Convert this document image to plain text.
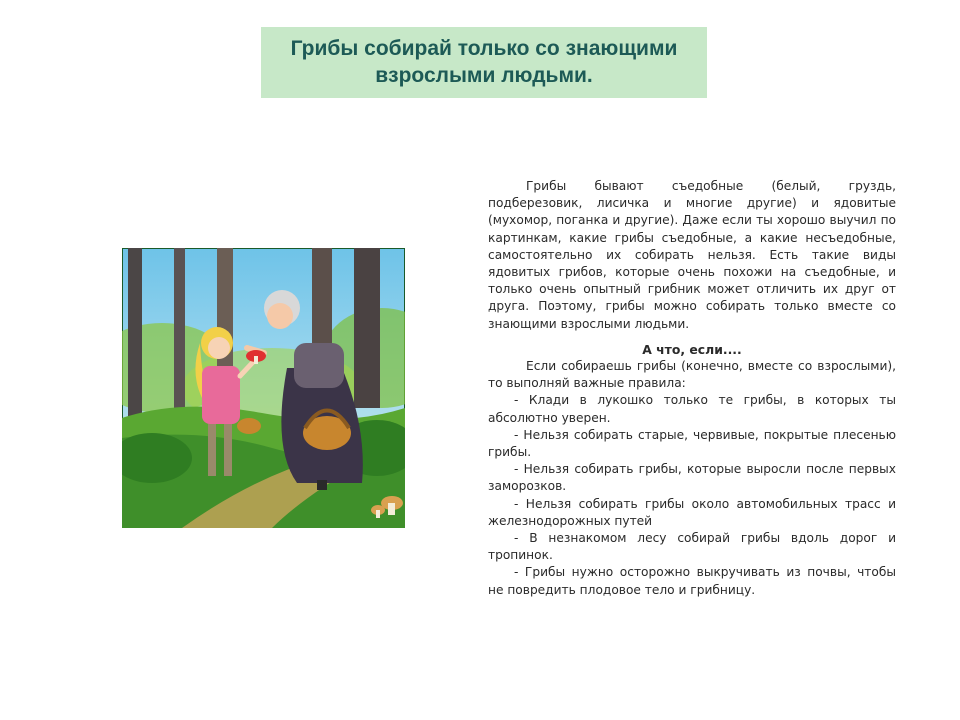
Грибы собирай только со знающими
взрослыми людьми.

Грибы бывают съедобные (белый, груздь, подберезовик, лисичка и многие другие) и ядовитые (мухомор, поганка и другие). Даже если ты хорошо выучил по картинкам, какие грибы съедобные, а какие несъедобные, самостоятельно их собирать нельзя. Есть такие виды ядовитых грибов, которые очень похожи на съедобные, и только очень опытный грибник может отличить их друг от друга. Поэтому, грибы можно собирать только вместе со знающими взрослыми людьми.

А что, если....

Если собираешь грибы (конечно, вместе со взрослыми), то выполняй важные правила:

- Клади в лукошко только те грибы, в которых ты абсолютно уверен.

- Нельзя собирать старые, червивые, покрытые плесенью грибы.

- Нельзя собирать грибы, которые выросли после первых заморозков.

- Нельзя собирать грибы около автомобильных трасс и железнодорожных путей

- В незнакомом лесу собирай грибы вдоль дорог и тропинок.

- Грибы нужно осторожно выкручивать из почвы, чтобы не повредить плодовое тело и грибницу.
